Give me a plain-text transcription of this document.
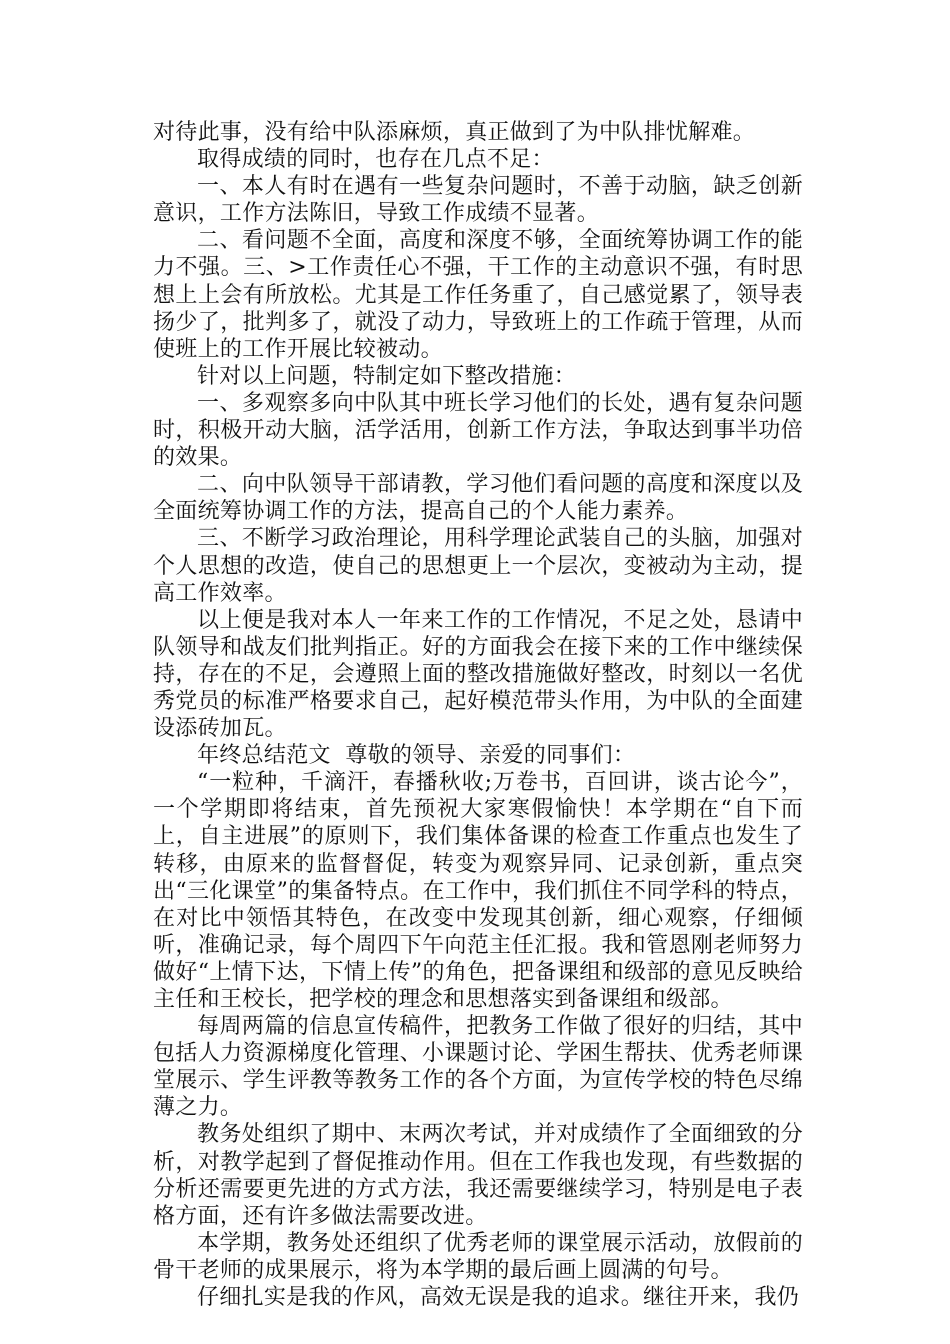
对待此事，没有给中队添麻烦，真正做到了为中队排忧解难。

取得成绩的同时，也存在几点不足：

一、本人有时在遇有一些复杂问题时，不善于动脑，缺乏创新意识，工作方法陈旧，导致工作成绩不显著。

二、看问题不全面，高度和深度不够，全面统筹协调工作的能力不强。三、>工作责任心不强，干工作的主动意识不强，有时思想上上会有所放松。尤其是工作任务重了，自己感觉累了，领导表扬少了，批判多了，就没了动力，导致班上的工作疏于管理，从而使班上的工作开展比较被动。

针对以上问题，特制定如下整改措施：

一、多观察多向中队其中班长学习他们的长处，遇有复杂问题时，积极开动大脑，活学活用，创新工作方法，争取达到事半功倍的效果。

二、向中队领导干部请教，学习他们看问题的高度和深度以及全面统筹协调工作的方法，提高自己的个人能力素养。

三、不断学习政治理论，用科学理论武装自己的头脑，加强对个人思想的改造，使自己的思想更上一个层次，变被动为主动，提高工作效率。

以上便是我对本人一年来工作的工作情况，不足之处，恳请中队领导和战友们批判指正。好的方面我会在接下来的工作中继续保持，存在的不足，会遵照上面的整改措施做好整改，时刻以一名优秀党员的标准严格要求自己，起好模范带头作用，为中队的全面建设添砖加瓦。

年终总结范文  尊敬的领导、亲爱的同事们：

“一粒种，千滴汗，春播秋收;万卷书，百回讲，谈古论今”，一个学期即将结束，首先预祝大家寒假愉快！本学期在“自下而上，自主进展”的原则下，我们集体备课的检查工作重点也发生了转移，由原来的监督督促，转变为观察异同、记录创新，重点突出“三化课堂”的集备特点。在工作中，我们抓住不同学科的特点，在对比中领悟其特色，在改变中发现其创新，细心观察，仔细倾听，准确记录，每个周四下午向范主任汇报。我和管恩刚老师努力做好“上情下达，下情上传”的角色，把备课组和级部的意见反映给主任和王校长，把学校的理念和思想落实到备课组和级部。

每周两篇的信息宣传稿件，把教务工作做了很好的归结，其中包括人力资源梯度化管理、小课题讨论、学困生帮扶、优秀老师课堂展示、学生评教等教务工作的各个方面，为宣传学校的特色尽绵薄之力。

教务处组织了期中、末两次考试，并对成绩作了全面细致的分析，对教学起到了督促推动作用。但在工作我也发现，有些数据的分析还需要更先进的方式方法，我还需要继续学习，特别是电子表格方面，还有许多做法需要改进。

本学期，教务处还组织了优秀老师的课堂展示活动，放假前的骨干老师的成果展示，将为本学期的最后画上圆满的句号。

仔细扎实是我的作风，高效无误是我的追求。继往开来，我仍
